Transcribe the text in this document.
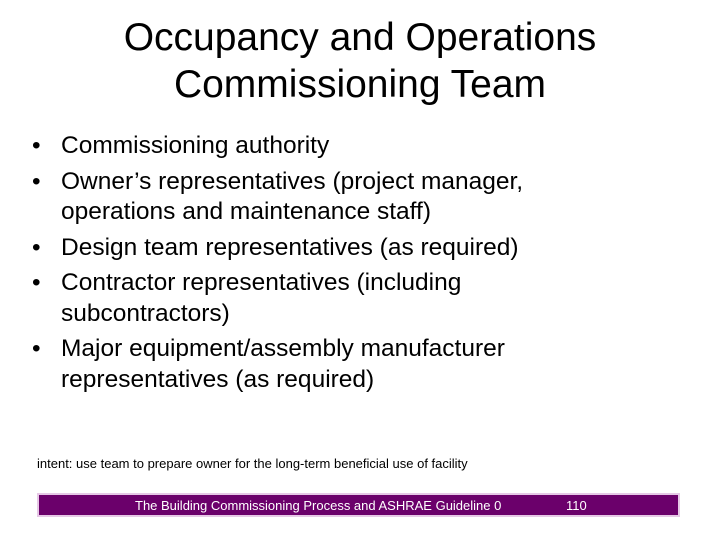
Occupancy and Operations
Commissioning Team
• Commissioning authority
• Owner’s representatives (project manager,
operations and maintenance staff)
• Design team representatives (as required)
• Contractor representatives (including
subcontractors)
• Major equipment/assembly manufacturer
representatives (as required)
intent: use team to prepare owner for the long-term beneficial use of facility
The Building Commissioning Process and ASHRAE Guideline 0	110
